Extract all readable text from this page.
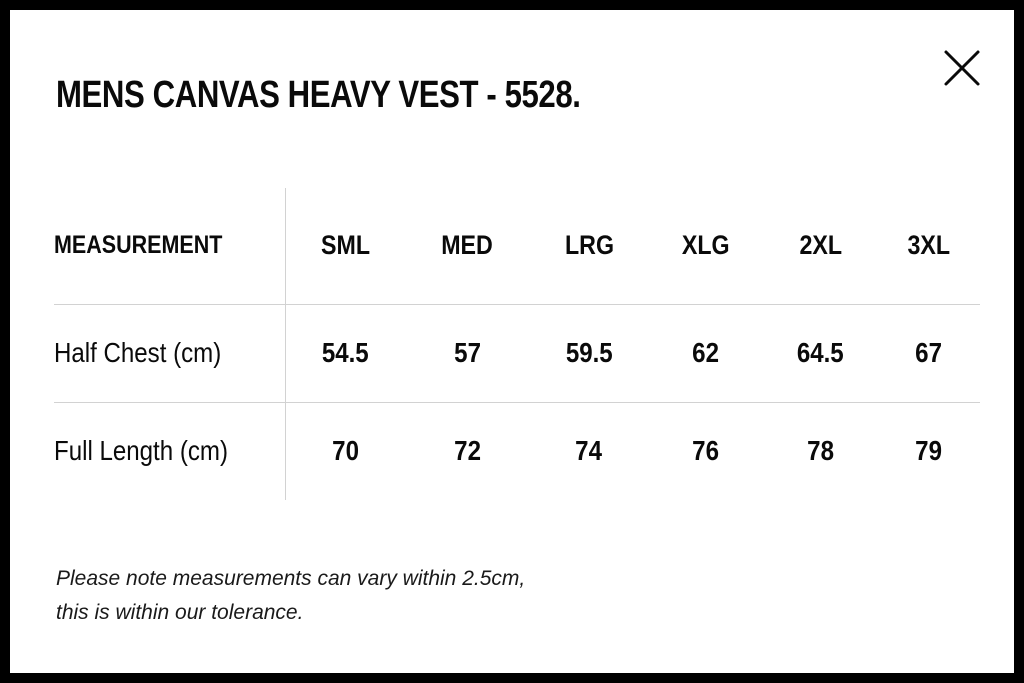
MENS CANVAS HEAVY VEST - 5528.
MEASUREMENT	SML	MED	LRG	XLG	2XL	3XL
Half Chest (cm)	54.5	57	59.5	62	64.5	67
Full Length (cm)	70	72	74	76	78	79
Please note measurements can vary within 2.5cm,
this is within our tolerance.
